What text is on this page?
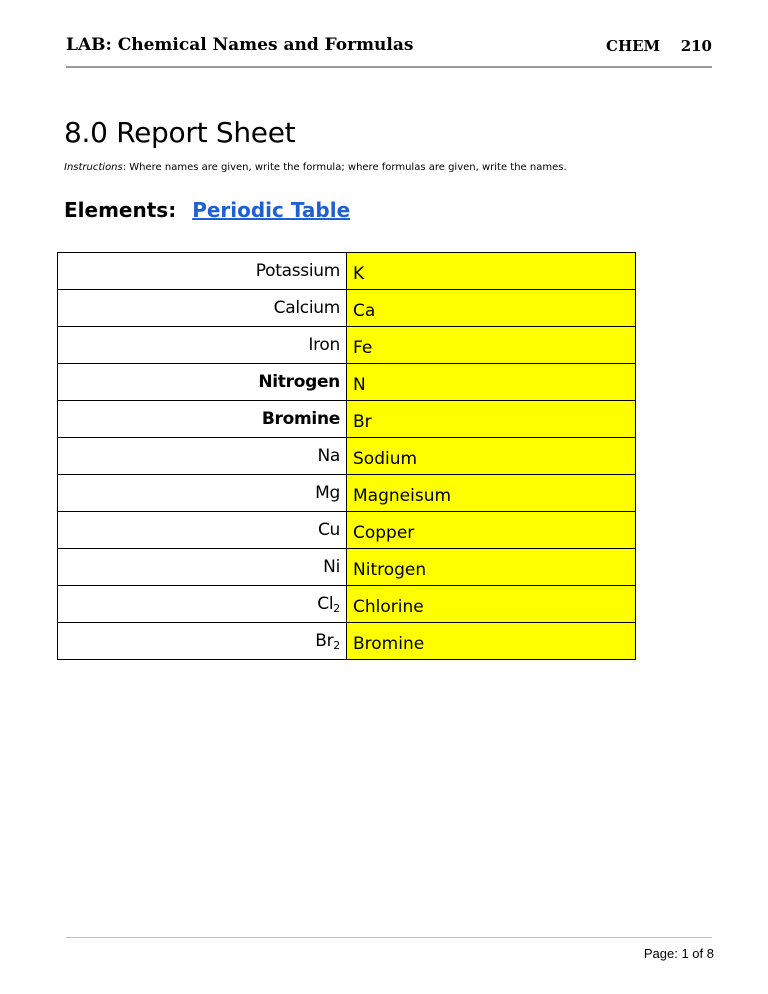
LAB: Chemical Names and Formulas	CHEM 210
8.0 Report Sheet
Instructions: Where names are given, write the formula; where formulas are given, write the names.
Elements: Periodic Table
Potassium	K
Calcium	Ca
Iron	Fe
Nitrogen	N
Bromine	Br
Na	Sodium
Mg	Magneisum
Cu	Copper
Ni	Nitrogen
$Cl_2$	Chlorine
$Br_2$	Bromine
Page: 1 of 8
